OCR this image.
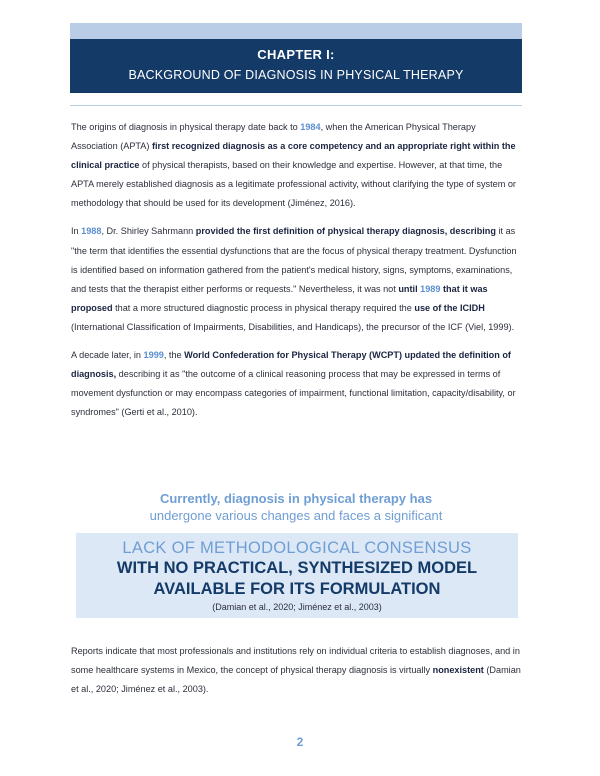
CHAPTER I:
BACKGROUND OF DIAGNOSIS IN PHYSICAL THERAPY

The origins of diagnosis in physical therapy date back to 1984, when the American Physical Therapy Association (APTA) first recognized diagnosis as a core competency and an appropriate right within the clinical practice of physical therapists, based on their knowledge and expertise. However, at that time, the APTA merely established diagnosis as a legitimate professional activity, without clarifying the type of system or methodology that should be used for its development (Jiménez, 2016).

In 1988, Dr. Shirley Sahrmann provided the first definition of physical therapy diagnosis, describing it as "the term that identifies the essential dysfunctions that are the focus of physical therapy treatment. Dysfunction is identified based on information gathered from the patient's medical history, signs, symptoms, examinations, and tests that the therapist either performs or requests." Nevertheless, it was not until 1989 that it was proposed that a more structured diagnostic process in physical therapy required the use of the ICIDH (International Classification of Impairments, Disabilities, and Handicaps), the precursor of the ICF (Viel, 1999).

A decade later, in 1999, the World Confederation for Physical Therapy (WCPT) updated the definition of diagnosis, describing it as "the outcome of a clinical reasoning process that may be expressed in terms of movement dysfunction or may encompass categories of impairment, functional limitation, capacity/disability, or syndromes" (Gerti et al., 2010).

Currently, diagnosis in physical therapy has
undergone various changes and faces a significant
LACK OF METHODOLOGICAL CONSENSUS
WITH NO PRACTICAL, SYNTHESIZED MODEL
AVAILABLE FOR ITS FORMULATION
(Damian et al., 2020; Jiménez et al., 2003)

Reports indicate that most professionals and institutions rely on individual criteria to establish diagnoses, and in some healthcare systems in Mexico, the concept of physical therapy diagnosis is virtually nonexistent (Damian et al., 2020; Jiménez et al., 2003).

2
